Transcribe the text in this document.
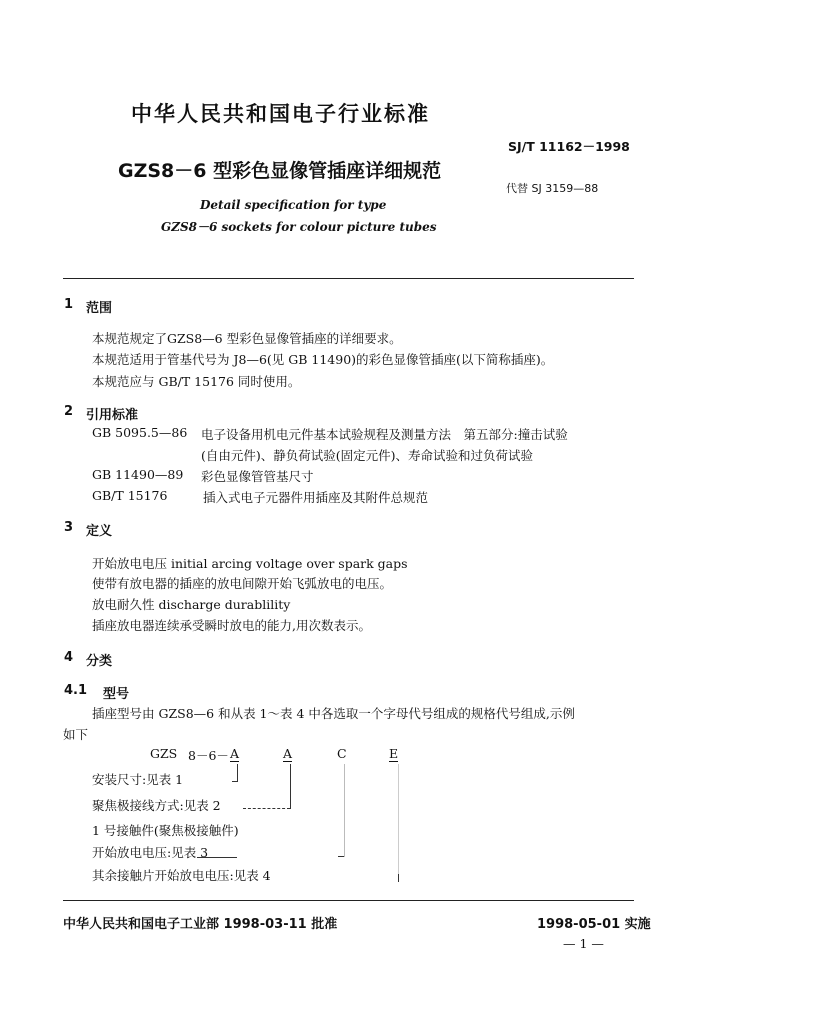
中华人民共和国电子行业标准
SJ/T 11162－1998
GZS8－6 型彩色显像管插座详细规范
代替 SJ 3159—88
Detail specification for type
GZS8－6 sockets for colour picture tubes
1 范围
本规范规定了GZS8—6 型彩色显像管插座的详细要求。
本规范适用于管基代号为 J8—6(见 GB 11490)的彩色显像管插座(以下简称插座)。
本规范应与 GB/T 15176 同时使用。
2 引用标准
GB 5095.5—86 电子设备用机电元件基本试验规程及测量方法　第五部分:撞击试验
(自由元件)、静负荷试验(固定元件)、寿命试验和过负荷试验
GB 11490—89 彩色显像管管基尺寸
GB/T 15176	插入式电子元器件用插座及其附件总规范
3 定义
开始放电电压 initial arcing voltage over spark gaps
使带有放电器的插座的放电间隙开始飞弧放电的电压。
放电耐久性 discharge durablility
插座放电器连续承受瞬时放电的能力,用次数表示。
4 分类
4.1 型号
插座型号由 GZS8—6 和从表 1～表 4 中各选取一个字母代号组成的规格代号组成,示例
如下
GZS 8－6－ A	A	C	E
安装尺寸:见表 1
聚焦极接线方式:见表 2
1 号接触件(聚焦极接触件)
开始放电电压:见表 3
其余接触片开始放电电压:见表 4
中华人民共和国电子工业部 1998-03-11 批准	1998-05-01 实施
— 1 —
